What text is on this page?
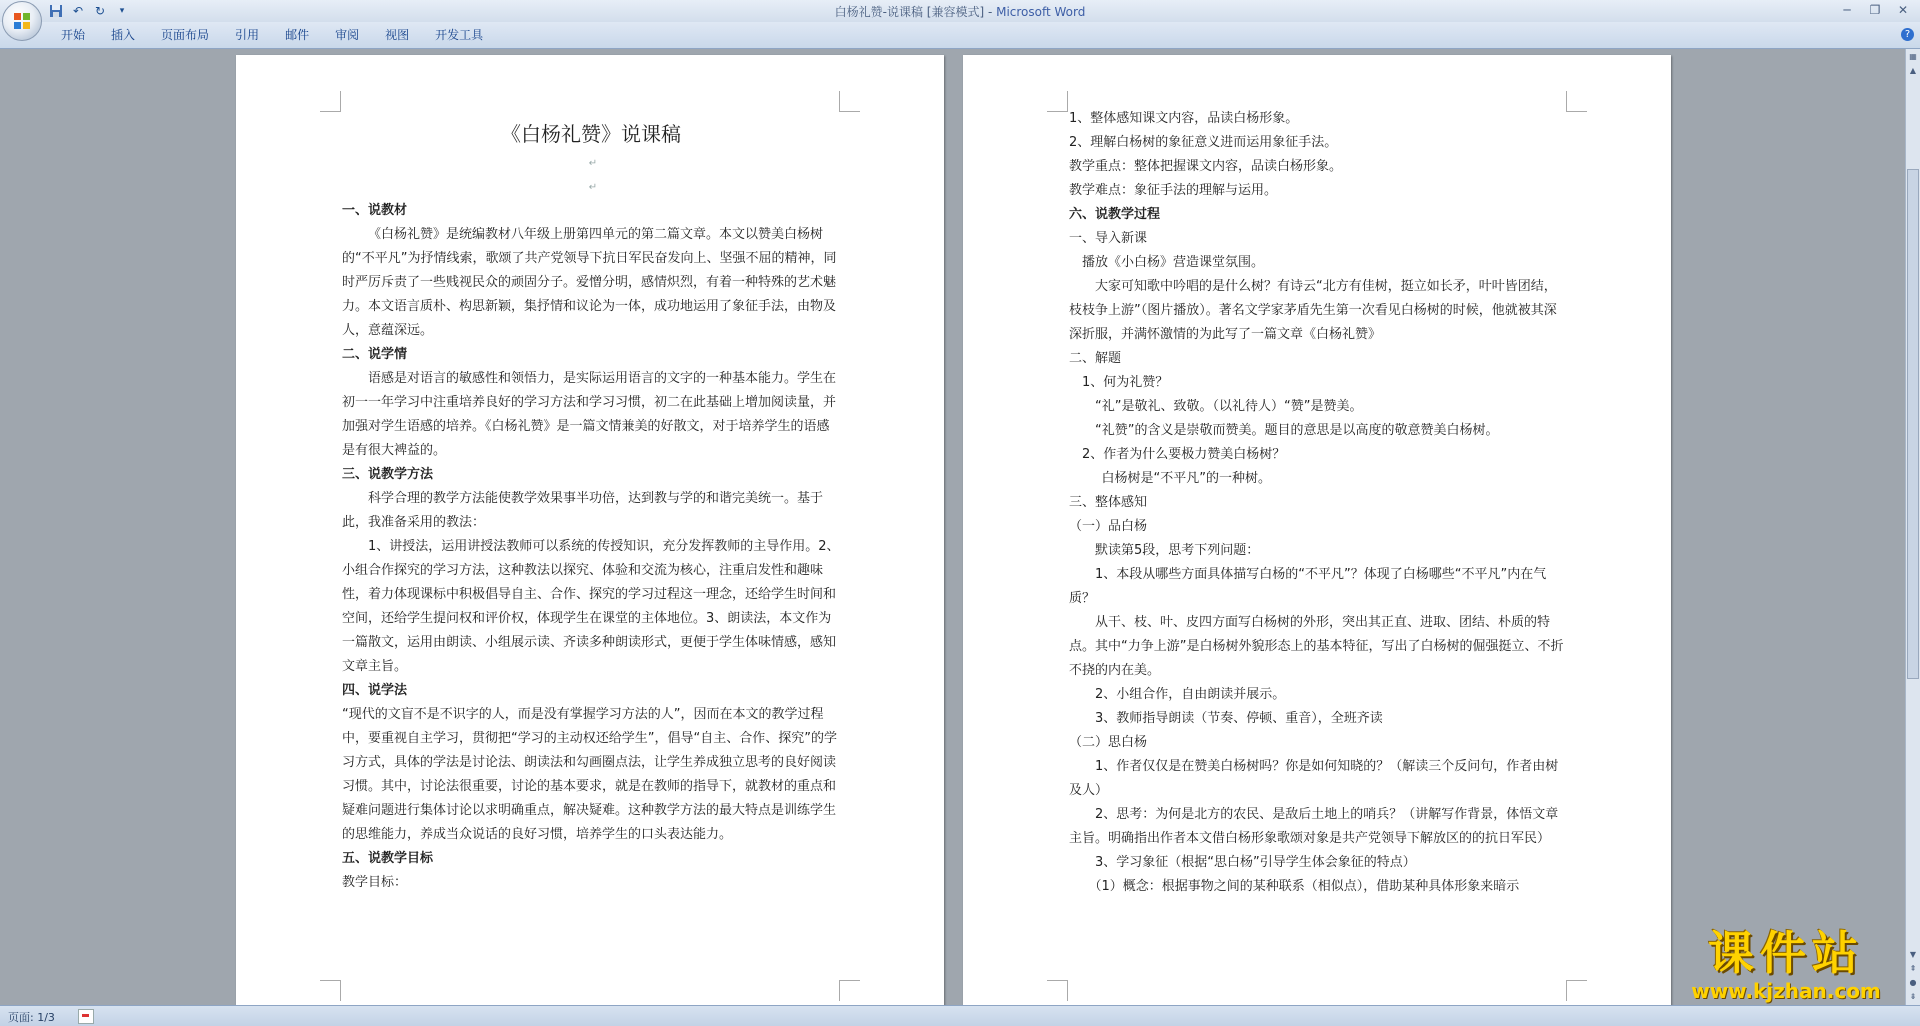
↶ ↻	▾	白杨礼赞-说课稿 [兼容模式] - Microsoft Word	─	❐	✕
开始	插入	页面布局	引用	邮件	审阅	视图	开发工具	?

《白杨礼赞》说课稿

↵

↵

一、说教材

《白杨礼赞》是统编教材八年级上册第四单元的第二篇文章。本文以赞美白杨树的“不平凡”为抒情线索，歌颂了共产党领导下抗日军民奋发向上、坚强不屈的精神，同时严厉斥责了一些贱视民众的顽固分子。爱憎分明，感情炽烈，有着一种特殊的艺术魅力。本文语言质朴、构思新颖，集抒情和议论为一体，成功地运用了象征手法，由物及人，意蕴深远。

二、说学情

语感是对语言的敏感性和领悟力，是实际运用语言的文字的一种基本能力。学生在初一一年学习中注重培养良好的学习方法和学习习惯，初二在此基础上增加阅读量，并加强对学生语感的培养。《白杨礼赞》是一篇文情兼美的好散文，对于培养学生的语感是有很大裨益的。

三、说教学方法

科学合理的教学方法能使教学效果事半功倍，达到教与学的和谐完美统一。基于此，我准备采用的教法：

1、讲授法，运用讲授法教师可以系统的传授知识，充分发挥教师的主导作用。2、小组合作探究的学习方法，这种教法以探究、体验和交流为核心，注重启发性和趣味性，着力体现课标中积极倡导自主、合作、探究的学习过程这一理念，还给学生时间和空间，还给学生提问权和评价权，体现学生在课堂的主体地位。3、朗读法，本文作为一篇散文，运用由朗读、小组展示读、齐读多种朗读形式，更便于学生体味情感，感知文章主旨。

四、说学法

“现代的文盲不是不识字的人，而是没有掌握学习方法的人”，因而在本文的教学过程中，要重视自主学习，贯彻把“学习的主动权还给学生”，倡导“自主、合作、探究”的学习方式，具体的学法是讨论法、朗读法和勾画圈点法，让学生养成独立思考的良好阅读习惯。其中，讨论法很重要，讨论的基本要求，就是在教师的指导下，就教材的重点和疑难问题进行集体讨论以求明确重点，解决疑难。这种教学方法的最大特点是训练学生的思维能力，养成当众说话的良好习惯，培养学生的口头表达能力。

五、说教学目标

教学目标：

1、整体感知课文内容，品读白杨形象。

2、理解白杨树的象征意义进而运用象征手法。

教学重点：整体把握课文内容，品读白杨形象。

教学难点：象征手法的理解与运用。

六、说教学过程

一、导入新课

播放《小白杨》营造课堂氛围。

大家可知歌中吟唱的是什么树？有诗云“北方有佳树，挺立如长矛，叶叶皆团结，枝枝争上游”（图片播放）。著名文学家茅盾先生第一次看见白杨树的时候，他就被其深深折服，并满怀激情的为此写了一篇文章《白杨礼赞》

二、解题

1、何为礼赞？

“礼”是敬礼、致敬。（以礼待人）“赞”是赞美。

“礼赞”的含义是崇敬而赞美。题目的意思是以高度的敬意赞美白杨树。

2、作者为什么要极力赞美白杨树？

白杨树是“不平凡”的一种树。

三、整体感知

（一）品白杨

默读第5段，思考下列问题：

1、本段从哪些方面具体描写白杨的“不平凡”？体现了白杨哪些“不平凡”内在气质？

从干、枝、叶、皮四方面写白杨树的外形，突出其正直、进取、团结、朴质的特点。其中“力争上游”是白杨树外貌形态上的基本特征，写出了白杨树的倔强挺立、不折不挠的内在美。

2、小组合作，自由朗读并展示。

3、教师指导朗读（节奏、停顿、重音），全班齐读

（二）思白杨

1、作者仅仅是在赞美白杨树吗？你是如何知晓的？（解读三个反问句，作者由树及人）

2、思考：为何是北方的农民、是敌后土地上的哨兵？（讲解写作背景，体悟文章主旨。明确指出作者本文借白杨形象歌颂对象是共产党领导下解放区的的抗日军民）

3、学习象征（根据“思白杨”引导学生体会象征的特点）

（1）概念：根据事物之间的某种联系（相似点），借助某种具体形象来暗示

▦
▲
▼
⇞
●
⇟
页面: 1/3
课件站
www.kjzhan.com
